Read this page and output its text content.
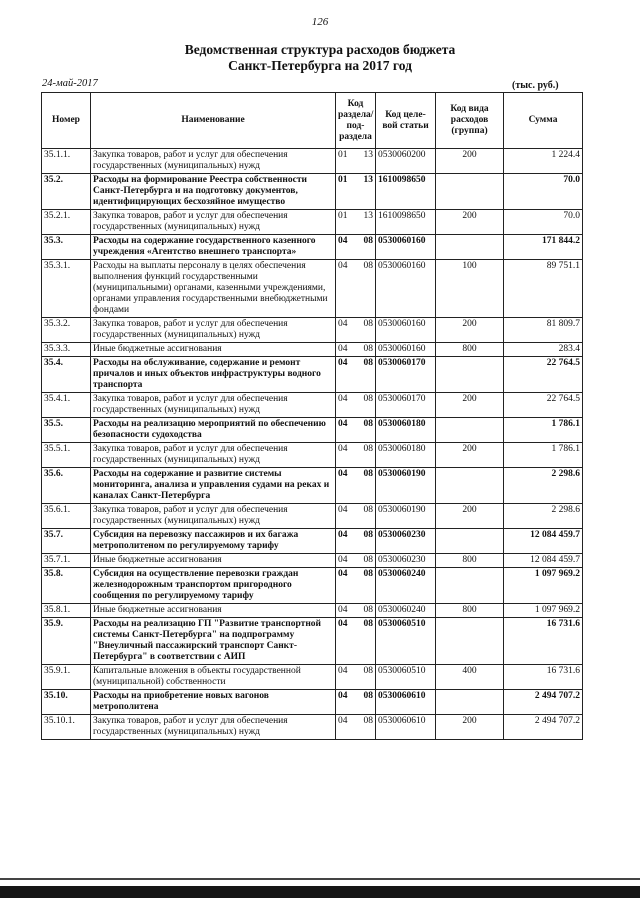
126
Ведомственная структура расходов бюджета
Санкт-Петербурга на 2017 год
24-май-2017	(тыс. руб.)
Номер	Наименование	Код раздела/ под- раздела		Код целе- вой статьи	Код вида расходов (группа)	Сумма
35.1.1.	Закупка товаров, работ и услуг для обеспечения государственных (муниципальных) нужд	01	13	0530060200	200	1 224.4
35.2.	Расходы на формирование Реестра собственности Санкт-Петербурга и на подготовку документов, идентифицирующих бесхозяйное имущество	01	13	1610098650		70.0
35.2.1.	Закупка товаров, работ и услуг для обеспечения государственных (муниципальных) нужд	01	13	1610098650	200	70.0
35.3.	Расходы на содержание государственного казенного учреждения «Агентство внешнего транспорта»	04	08	0530060160		171 844.2
35.3.1.	Расходы на выплаты персоналу в целях обеспечения выполнения функций государственными (муниципальными) органами, казенными учреждениями, органами управления государственными внебюджетными фондами	04	08	0530060160	100	89 751.1
35.3.2.	Закупка товаров, работ и услуг для обеспечения государственных (муниципальных) нужд	04	08	0530060160	200	81 809.7
35.3.3.	Иные бюджетные ассигнования	04	08	0530060160	800	283.4
35.4.	Расходы на обслуживание, содержание и ремонт причалов и иных объектов инфраструктуры водного транспорта	04	08	0530060170		22 764.5
35.4.1.	Закупка товаров, работ и услуг для обеспечения государственных (муниципальных) нужд	04	08	0530060170	200	22 764.5
35.5.	Расходы на реализацию мероприятий по обеспечению безопасности судоходства	04	08	0530060180		1 786.1
35.5.1.	Закупка товаров, работ и услуг для обеспечения государственных (муниципальных) нужд	04	08	0530060180	200	1 786.1
35.6.	Расходы на содержание и развитие системы мониторинга, анализа и управления судами на реках и каналах Санкт-Петербурга	04	08	0530060190		2 298.6
35.6.1.	Закупка товаров, работ и услуг для обеспечения государственных (муниципальных) нужд	04	08	0530060190	200	2 298.6
35.7.	Субсидия на перевозку пассажиров и их багажа метрополитеном по регулируемому тарифу	04	08	0530060230		12 084 459.7
35.7.1.	Иные бюджетные ассигнования	04	08	0530060230	800	12 084 459.7
35.8.	Субсидия на осуществление перевозки граждан железнодорожным транспортом пригородного сообщения по регулируемому тарифу	04	08	0530060240		1 097 969.2
35.8.1.	Иные бюджетные ассигнования	04	08	0530060240	800	1 097 969.2
35.9.	Расходы на реализацию ГП "Развитие транспортной системы Санкт-Петербурга" на подпрограмму "Внеуличный пассажирский транспорт Санкт-Петербурга" в соответствии с АИП	04	08	0530060510		16 731.6
35.9.1.	Капитальные вложения в объекты государственной (муниципальной) собственности	04	08	0530060510	400	16 731.6
35.10.	Расходы на приобретение новых вагонов метрополитена	04	08	0530060610		2 494 707.2
35.10.1.	Закупка товаров, работ и услуг для обеспечения государственных (муниципальных) нужд	04	08	0530060610	200	2 494 707.2
